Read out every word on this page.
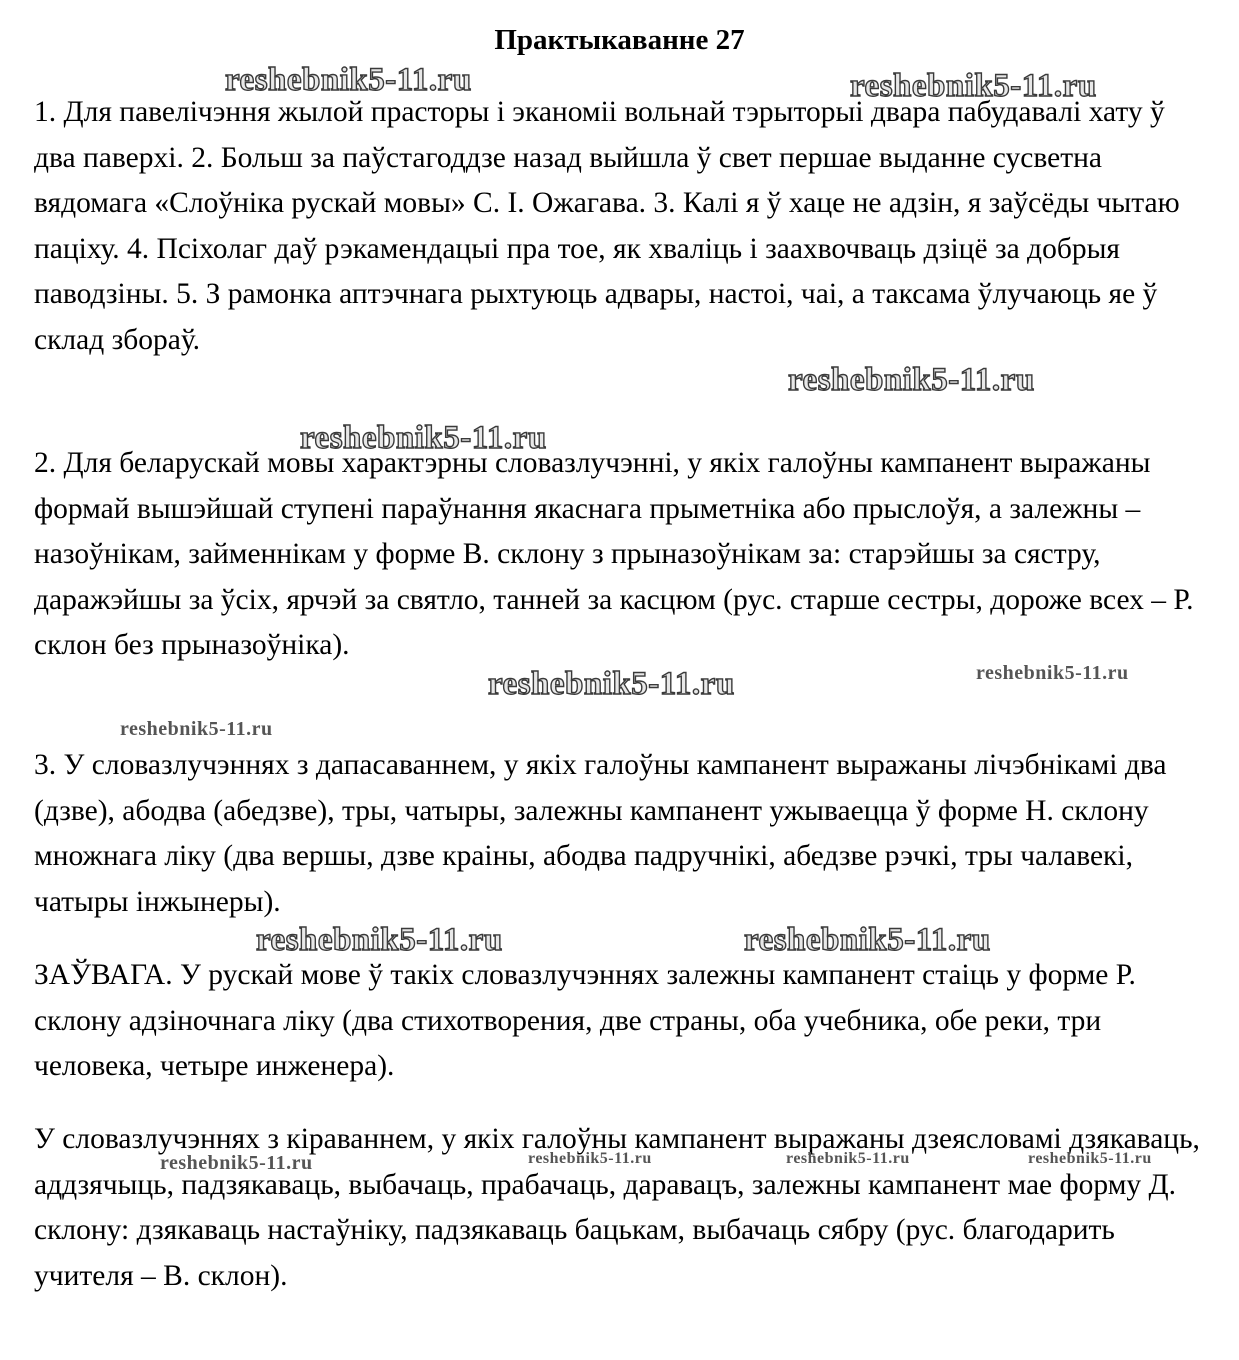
Практыкаванне 27

1. Для павелічэння жылой прасторы і эканоміі вольнай тэрыторыі двара пабудавалі хату ў два паверхі. 2. Больш за паўстагоддзе назад выйшла ў свет першае выданне сусветна вядомага «Слоўніка рускай мовы» С. І. Ожагава. 3. Калі я ў хаце не адзін, я заўсёды чытаю пацiху. 4. Псіхолаг даў рэкамендацыі пра тое, як хваліць і заахвочваць дзіцё за добрыя паводзіны. 5. З рамонка аптэчнага рыхтуюць адвары, настоі, чаі, а таксама ўлучаюць яе ў склад збораў.

2. Для беларускай мовы характэрны словазлучэнні, у якіх галоўны кампанент выражаны формай вышэйшай ступені параўнання якаснага прыметніка або прыслоўя, а залежны – назоўнікам, займеннікам у форме В. склону з прыназоўнікам за: старэйшы за сястру, даражэйшы за ўсіх, ярчэй за святло, танней за касцюм (рус. старше сестры, дороже всех – Р. склон без прыназоўніка).

3. У словазлучэннях з дапасаваннем, у якіх галоўны кампанент выражаны лічэбнікамі два (дзве), абодва (абедзве), тры, чатыры, залежны кампанент ужываецца ў форме Н. склону множнага ліку (два вершы, дзве краіны, абодва падручнікі, абедзве рэчкі, тры чалавекі, чатыры інжынеры).

ЗАЎВАГА. У рускай мове ў такіх словазлучэннях залежны кампанент стаіць у форме Р. склону адзіночнага ліку (два стихотворения, две страны, оба учебника, обе реки, три человека, четыре инженера).

У словазлучэннях з кіраваннем, у якіх галоўны кампанент выражаны дзеясловамі дзякаваць, аддзячыць, падзякаваць, выбачаць, прабачаць, даравацъ, залежны кампанент мае форму Д. склону: дзякаваць настаўніку, падзякаваць бацькам, выбачаць сябру (рус. благодарить учителя – В. склон).

reshebnik5-11.ru	reshebnik5-11.ru
reshebnik5-11.ru
reshebnik5-11.ru
reshebnik5-11.ru	reshebnik5-11.ru
reshebnik5-11.ru
reshebnik5-11.ru	reshebnik5-11.ru
reshebnik5-11.ru	reshebnik5-11.ru	reshebnik5-11.ru	reshebnik5-11.ru
